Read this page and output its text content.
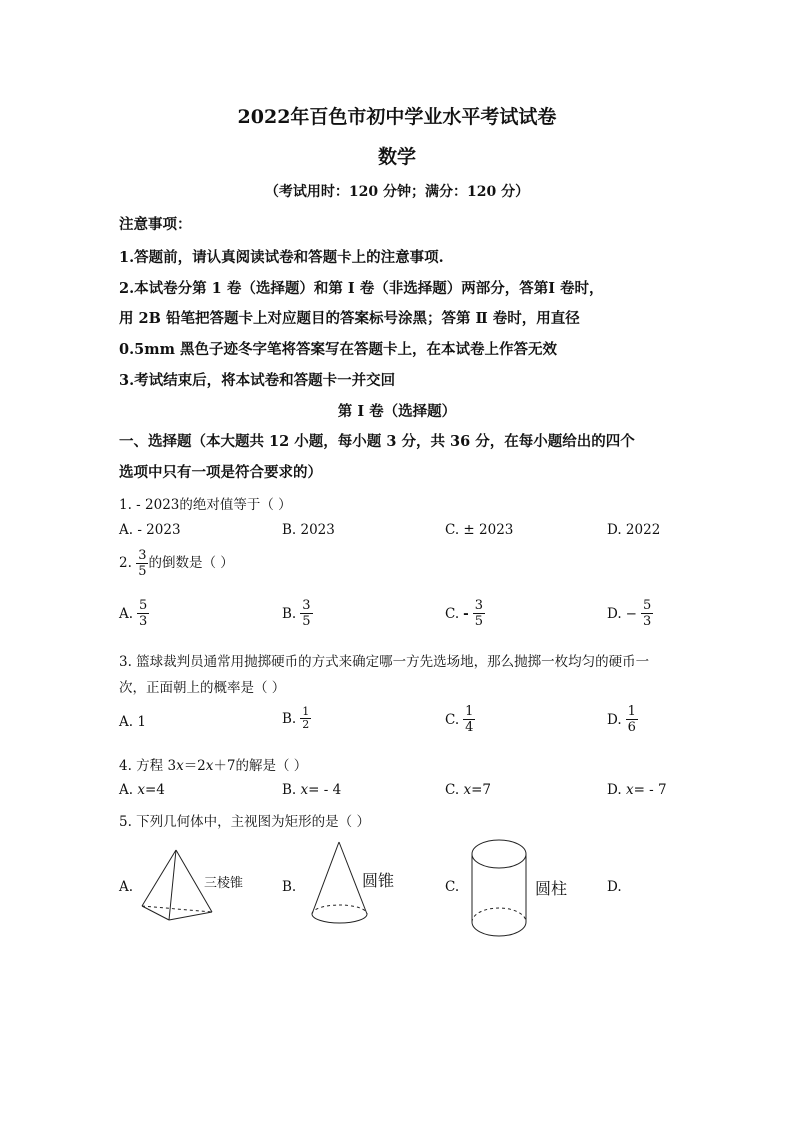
2022年百色市初中学业水平考试试卷
数学
（考试用时：120 分钟；满分：120 分）
注意事项：
1.答题前，请认真阅读试卷和答题卡上的注意事项.
2.本试卷分第 1 卷（选择题）和第 Ⅰ 卷（非选择题）两部分，答第Ⅰ 卷时，
用 2B 铅笔把答题卡上对应题目的答案标号涂黑；答第 Ⅱ 卷时，用直径
0.5mm 黑色子迹冬字笔将答案写在答题卡上，在本试卷上作答无效
3.考试结束后，将本试卷和答题卡一并交回
第 Ⅰ 卷（选择题）
一、选择题（本大题共 12 小题，每小题 3 分，共 36 分，在每小题给出的四个
选项中只有一项是符合要求的）
1. - 2023的绝对值等于（ ）
A. - 2023	B. 2023	C. ± 2023	D. 2022
2. $\frac{3}{5}$ 的倒数是（ ）
A. $\frac{5}{3}$	B. $\frac{3}{5}$	C. - $\frac{3}{5}$	D. − $\frac{5}{3}$
3. 篮球裁判员通常用抛掷硬币的方式来确定哪一方先选场地，那么抛掷一枚均匀的硬币一
次，正面朝上的概率是（ ）
A. 1	B. $\frac{1}{2}$	C. $\frac{1}{4}$	D. $\frac{1}{6}$
4. 方程 3x＝2x＋7的解是（ ）
A. x=4	B. x= - 4	C. x=7	D. x= - 7
5. 下列几何体中，主视图为矩形的是（ ）
A.	B.	C.	D.
三棱锥	圆锥	圆柱
